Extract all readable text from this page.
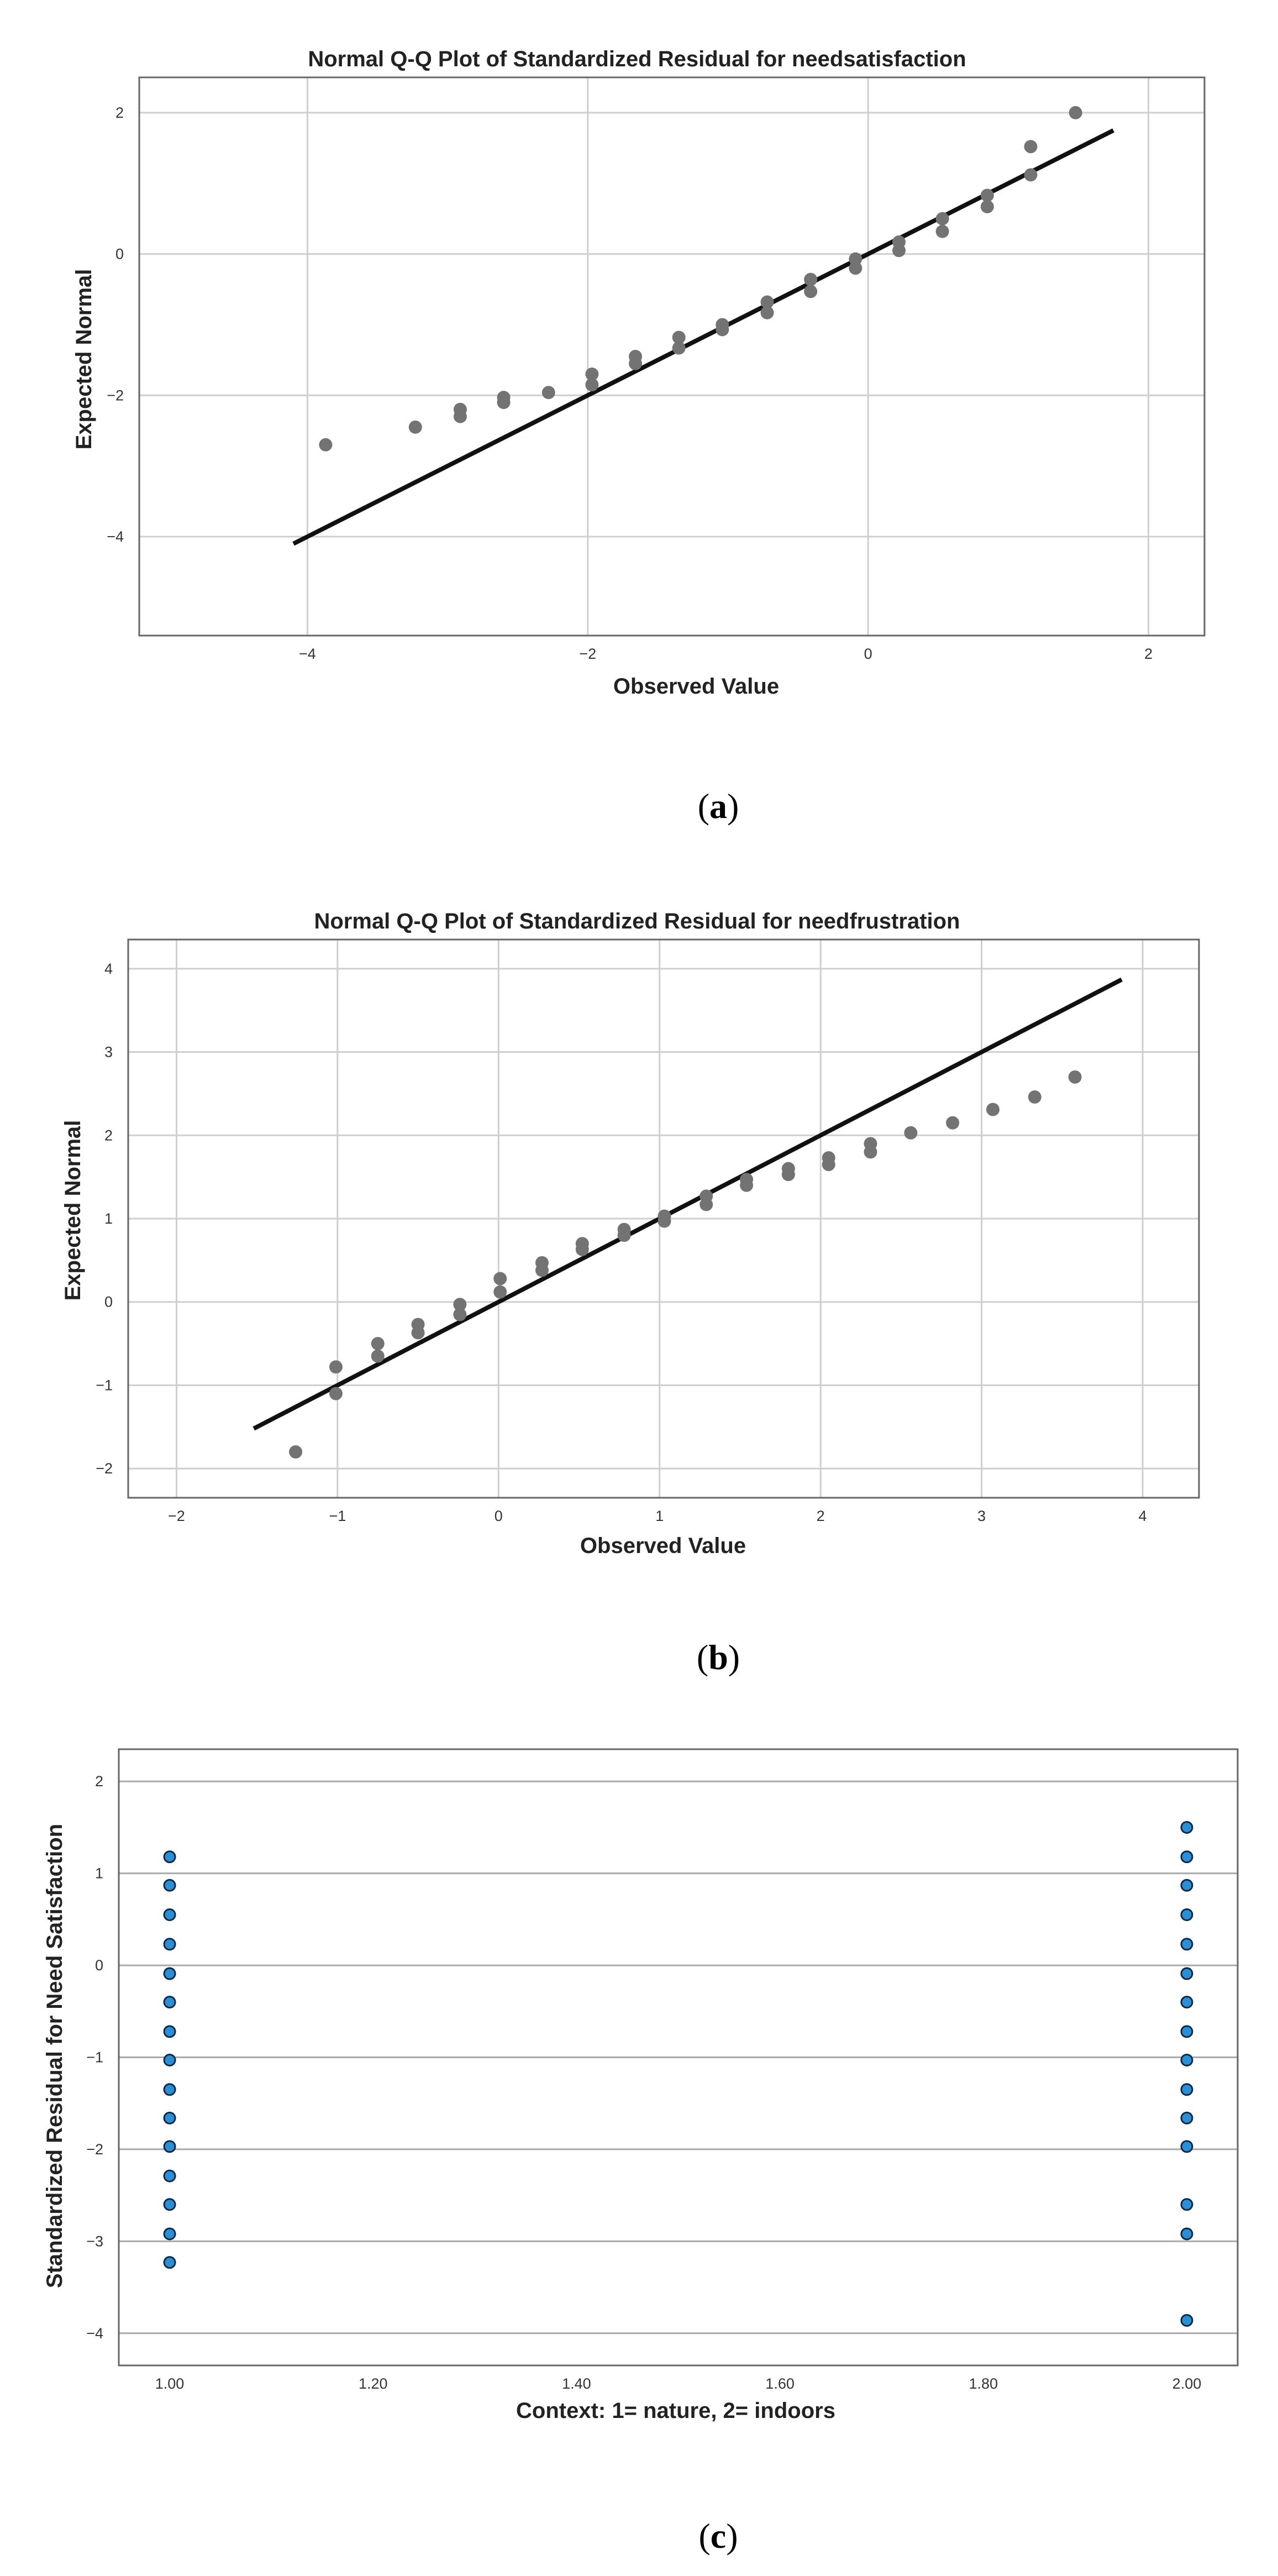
Normal Q-Q Plot of Standardized Residual for needsatisfaction
−4	−2	0	2
−4
−2
0
2
Observed Value
Expected Normal
(a)
Normal Q-Q Plot of Standardized Residual for needfrustration
−2	−1	0	1	2	3	4
−2
−1
0
1
2
3
4
Observed Value
Expected Normal
(b)
1.00	1.20	1.40	1.60	1.80	2.00
−4
−3
−2
−1
0
1
2
Context: 1= nature, 2= indoors
Standardized Residual for Need Satisfaction
(c)
